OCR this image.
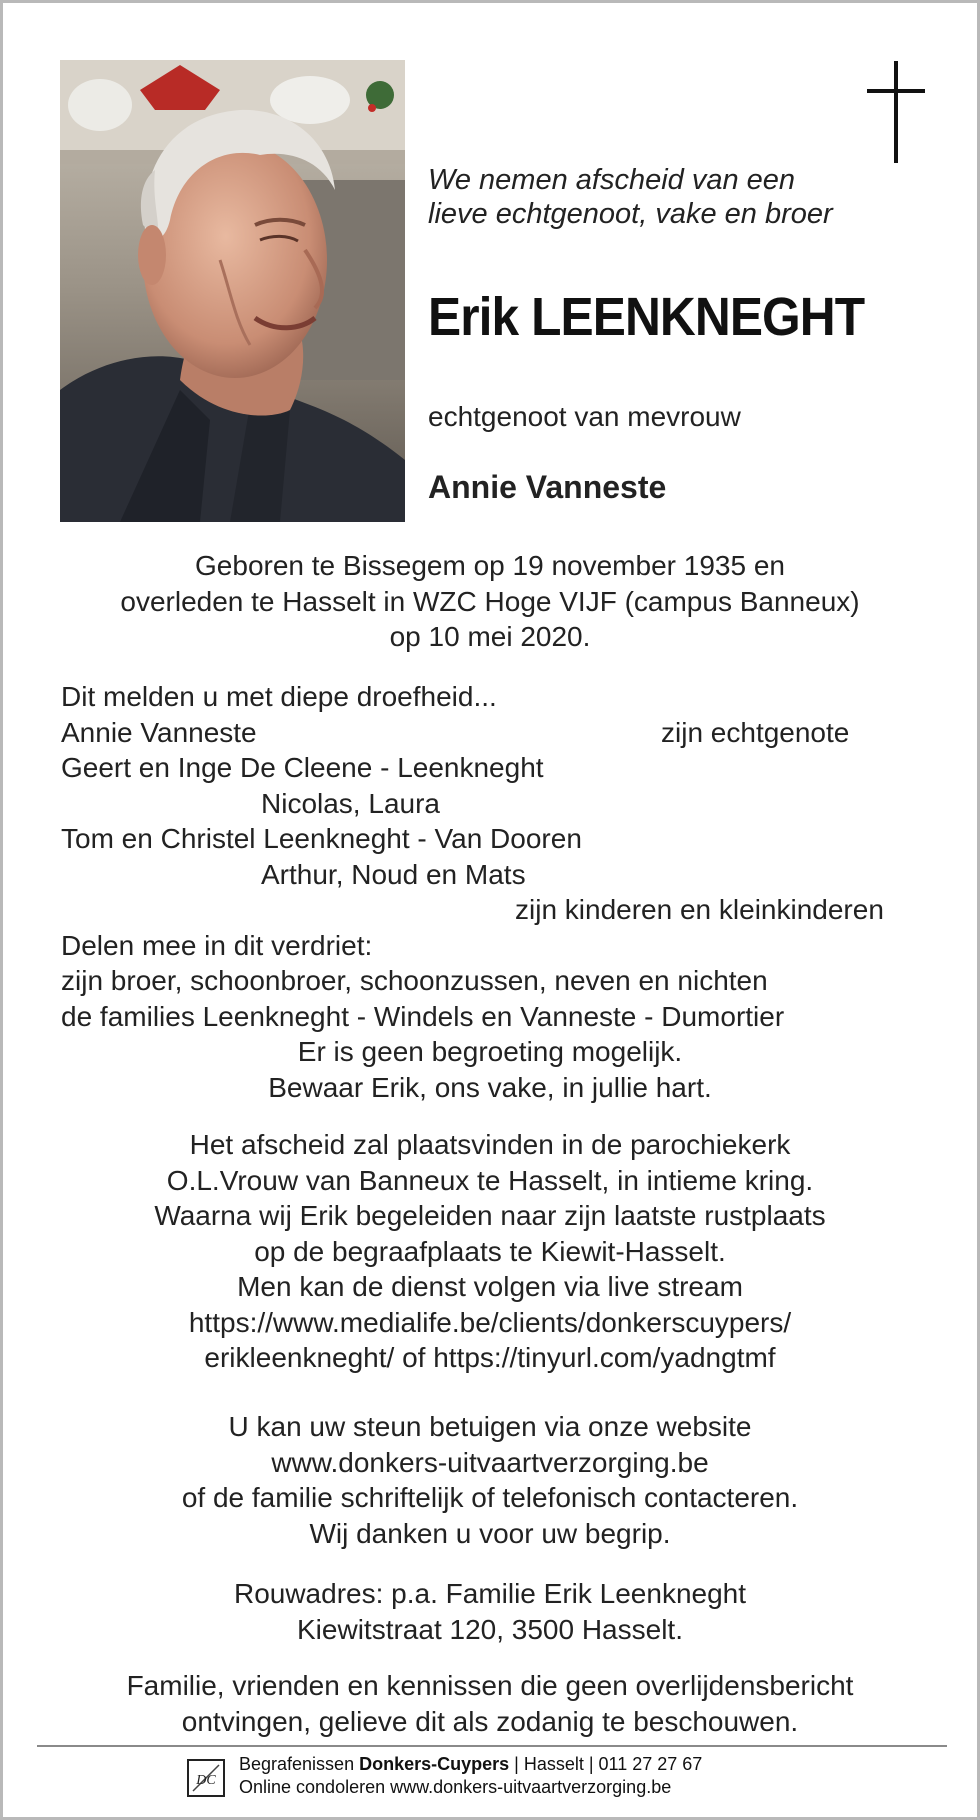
We nemen afscheid van een
lieve echtgenoot, vake en broer
Erik LEENKNEGHT
echtgenoot van mevrouw
Annie Vanneste
Geboren te Bissegem op 19 november 1935 en
overleden te Hasselt in WZC Hoge VIJF (campus Banneux)
op 10 mei 2020.
Dit melden u met diepe droefheid...
Annie Vanneste	zijn echtgenote
Geert en Inge De Cleene - Leenkneght
Nicolas, Laura
Tom en Christel Leenkneght - Van Dooren
Arthur, Noud en Mats
zijn kinderen en kleinkinderen
Delen mee in dit verdriet:
zijn broer, schoonbroer, schoonzussen, neven en nichten
de families Leenkneght - Windels en Vanneste - Dumortier
Er is geen begroeting mogelijk.
Bewaar Erik, ons vake, in jullie hart.
Het afscheid zal plaatsvinden in de parochiekerk
O.L.Vrouw van Banneux te Hasselt, in intieme kring.
Waarna wij Erik begeleiden naar zijn laatste rustplaats
op de begraafplaats te Kiewit-Hasselt.
Men kan de dienst volgen via live stream
https://www.medialife.be/clients/donkerscuypers/
erikleenkneght/ of https://tinyurl.com/yadngtmf
U kan uw steun betuigen via onze website
www.donkers-uitvaartverzorging.be
of de familie schriftelijk of telefonisch contacteren.
Wij danken u voor uw begrip.
Rouwadres: p.a. Familie Erik Leenkneght
Kiewitstraat 120, 3500 Hasselt.
Familie, vrienden en kennissen die geen overlijdensbericht
ontvingen, gelieve dit als zodanig te beschouwen.
DC
Begrafenissen Donkers-Cuypers | Hasselt | 011 27 27 67
Online condoleren www.donkers-uitvaartverzorging.be
